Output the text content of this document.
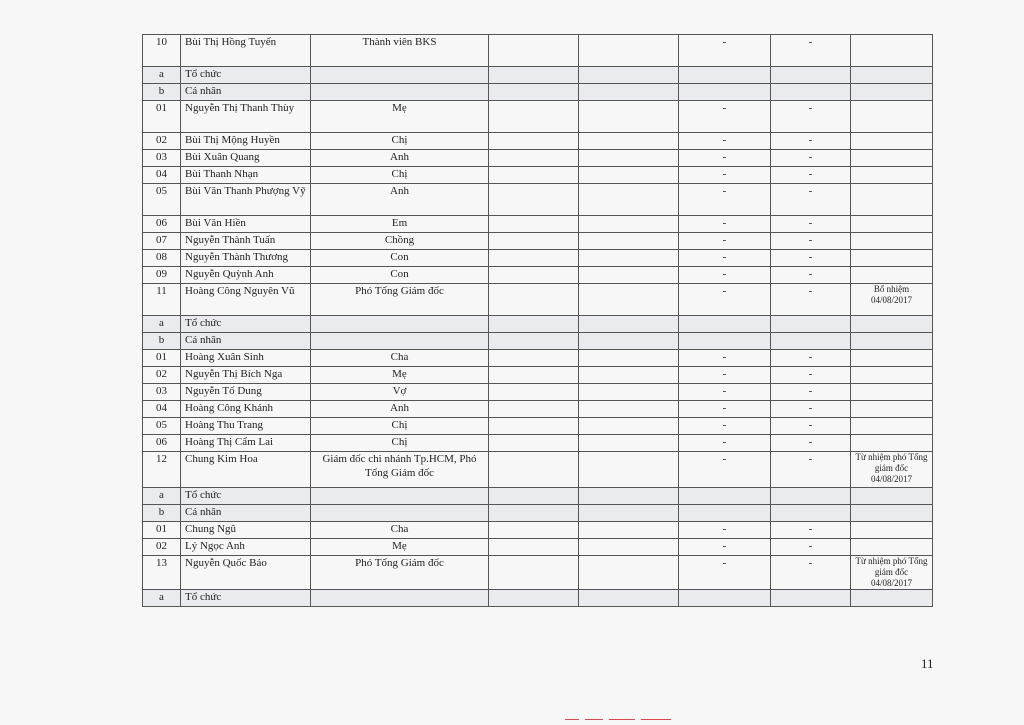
10	Bùi Thị Hồng Tuyến	Thành viên BKS			-	-	
a	Tổ chức						
b	Cá nhân						
01	Nguyễn Thị Thanh Thùy	Mẹ			-	-	
02	Bùi Thị Mộng Huyền	Chị			-	-	
03	Bùi Xuân Quang	Anh			-	-	
04	Bùi Thanh Nhạn	Chị			-	-	
05	Bùi Văn Thanh Phượng Vỹ	Anh			-	-	
06	Bùi Văn Hiền	Em			-	-	
07	Nguyễn Thành Tuấn	Chồng			-	-	
08	Nguyễn Thành Thương	Con			-	-	
09	Nguyễn Quỳnh Anh	Con			-	-	
11	Hoàng Công Nguyên Vũ	Phó Tổng Giám đốc			-	-	Bổ nhiệm 04/08/2017
a	Tổ chức						
b	Cá nhân						
01	Hoàng Xuân Sinh	Cha			-	-	
02	Nguyễn Thị Bích Nga	Mẹ			-	-	
03	Nguyễn Tố Dung	Vợ			-	-	
04	Hoàng Công Khánh	Anh			-	-	
05	Hoàng Thu Trang	Chị			-	-	
06	Hoàng Thị Cẩm Lai	Chị			-	-	
12	Chung Kim Hoa	Giám đốc chi nhánh Tp.HCM, Phó Tổng Giám đốc			-	-	Từ nhiệm phó Tổng giám đốc 04/08/2017
a	Tổ chức						
b	Cá nhân						
01	Chung Ngũ	Cha			-	-	
02	Lý Ngọc Anh	Mẹ			-	-	
13	Nguyễn Quốc Bảo	Phó Tổng Giám đốc			-	-	Từ nhiệm phó Tổng giám đốc 04/08/2017
a	Tổ chức						
11
